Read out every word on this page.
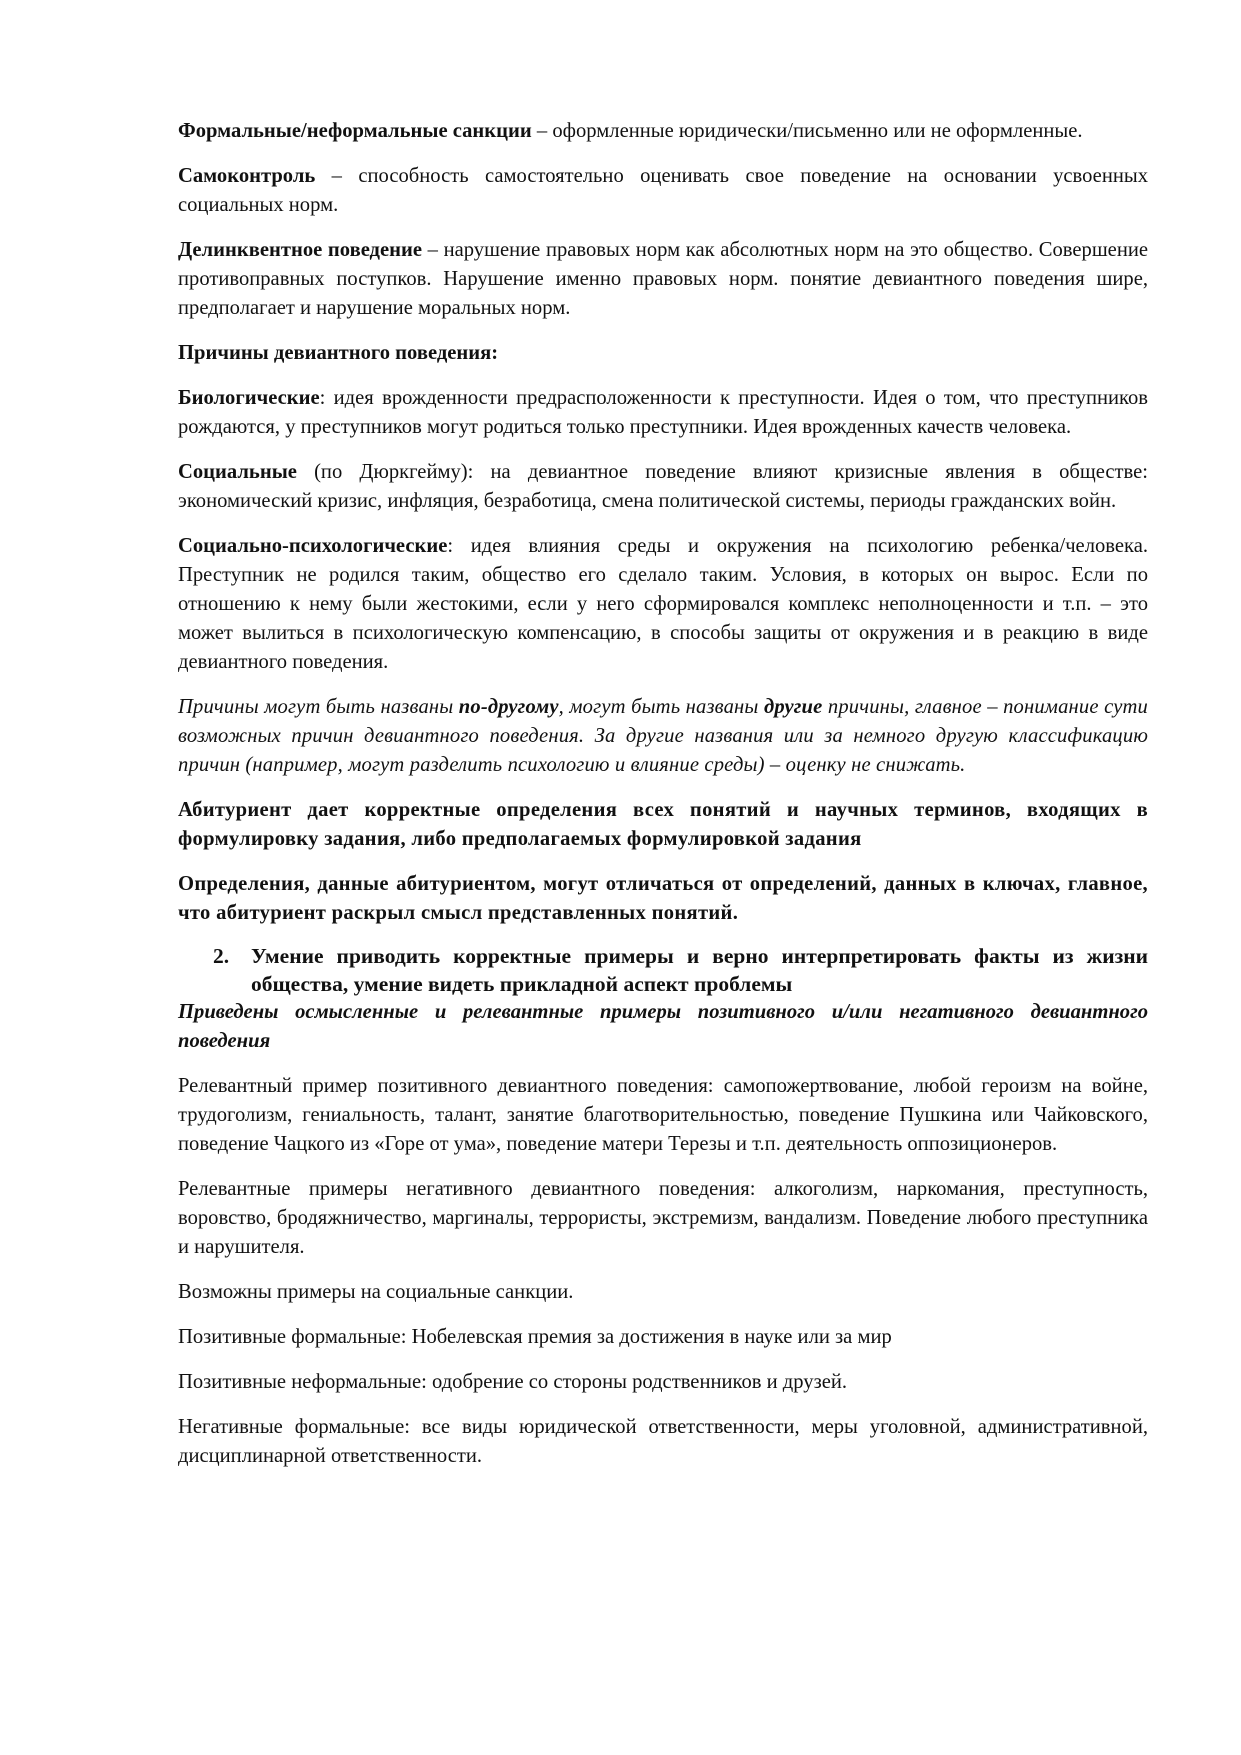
Формальные/неформальные санкции – оформленные юридически/письменно или не оформленные.

Самоконтроль – способность самостоятельно оценивать свое поведение на основании усвоенных социальных норм.

Делинквентное поведение – нарушение правовых норм как абсолютных норм на это общество. Совершение противоправных поступков. Нарушение именно правовых норм. понятие девиантного поведения шире, предполагает и нарушение моральных норм.

Причины девиантного поведения:

Биологические: идея врожденности предрасположенности к преступности. Идея о том, что преступников рождаются, у преступников могут родиться только преступники. Идея врожденных качеств человека.

Социальные (по Дюркгейму): на девиантное поведение влияют кризисные явления в обществе: экономический кризис, инфляция, безработица, смена политической системы, периоды гражданских войн.

Социально-психологические: идея влияния среды и окружения на психологию ребенка/человека. Преступник не родился таким, общество его сделало таким. Условия, в которых он вырос. Если по отношению к нему были жестокими, если у него сформировался комплекс неполноценности и т.п. – это может вылиться в психологическую компенсацию, в способы защиты от окружения и в реакцию в виде девиантного поведения.

Причины могут быть названы по-другому, могут быть названы другие причины, главное – понимание сути возможных причин девиантного поведения. За другие названия или за немного другую классификацию причин (например, могут разделить психологию и влияние среды) – оценку не снижать.

Абитуриент дает корректные определения всех понятий и научных терминов, входящих в формулировку задания, либо предполагаемых формулировкой задания

Определения, данные абитуриентом, могут отличаться от определений, данных в ключах, главное, что абитуриент раскрыл смысл представленных понятий.

2.	Умение приводить корректные примеры и верно интерпретировать факты из жизни общества, умение видеть прикладной аспект проблемы

Приведены осмысленные и релевантные примеры позитивного и/или негативного девиантного поведения

Релевантный пример позитивного девиантного поведения: самопожертвование, любой героизм на войне, трудоголизм, гениальность, талант, занятие благотворительностью, поведение Пушкина или Чайковского, поведение Чацкого из «Горе от ума», поведение матери Терезы и т.п. деятельность оппозиционеров.

Релевантные примеры негативного девиантного поведения: алкоголизм, наркомания, преступность, воровство, бродяжничество, маргиналы, террористы, экстремизм, вандализм. Поведение любого преступника и нарушителя.

Возможны примеры на социальные санкции.

Позитивные формальные: Нобелевская премия за достижения в науке или за мир

Позитивные неформальные: одобрение со стороны родственников и друзей.

Негативные формальные: все виды юридической ответственности, меры уголовной, административной, дисциплинарной ответственности.
